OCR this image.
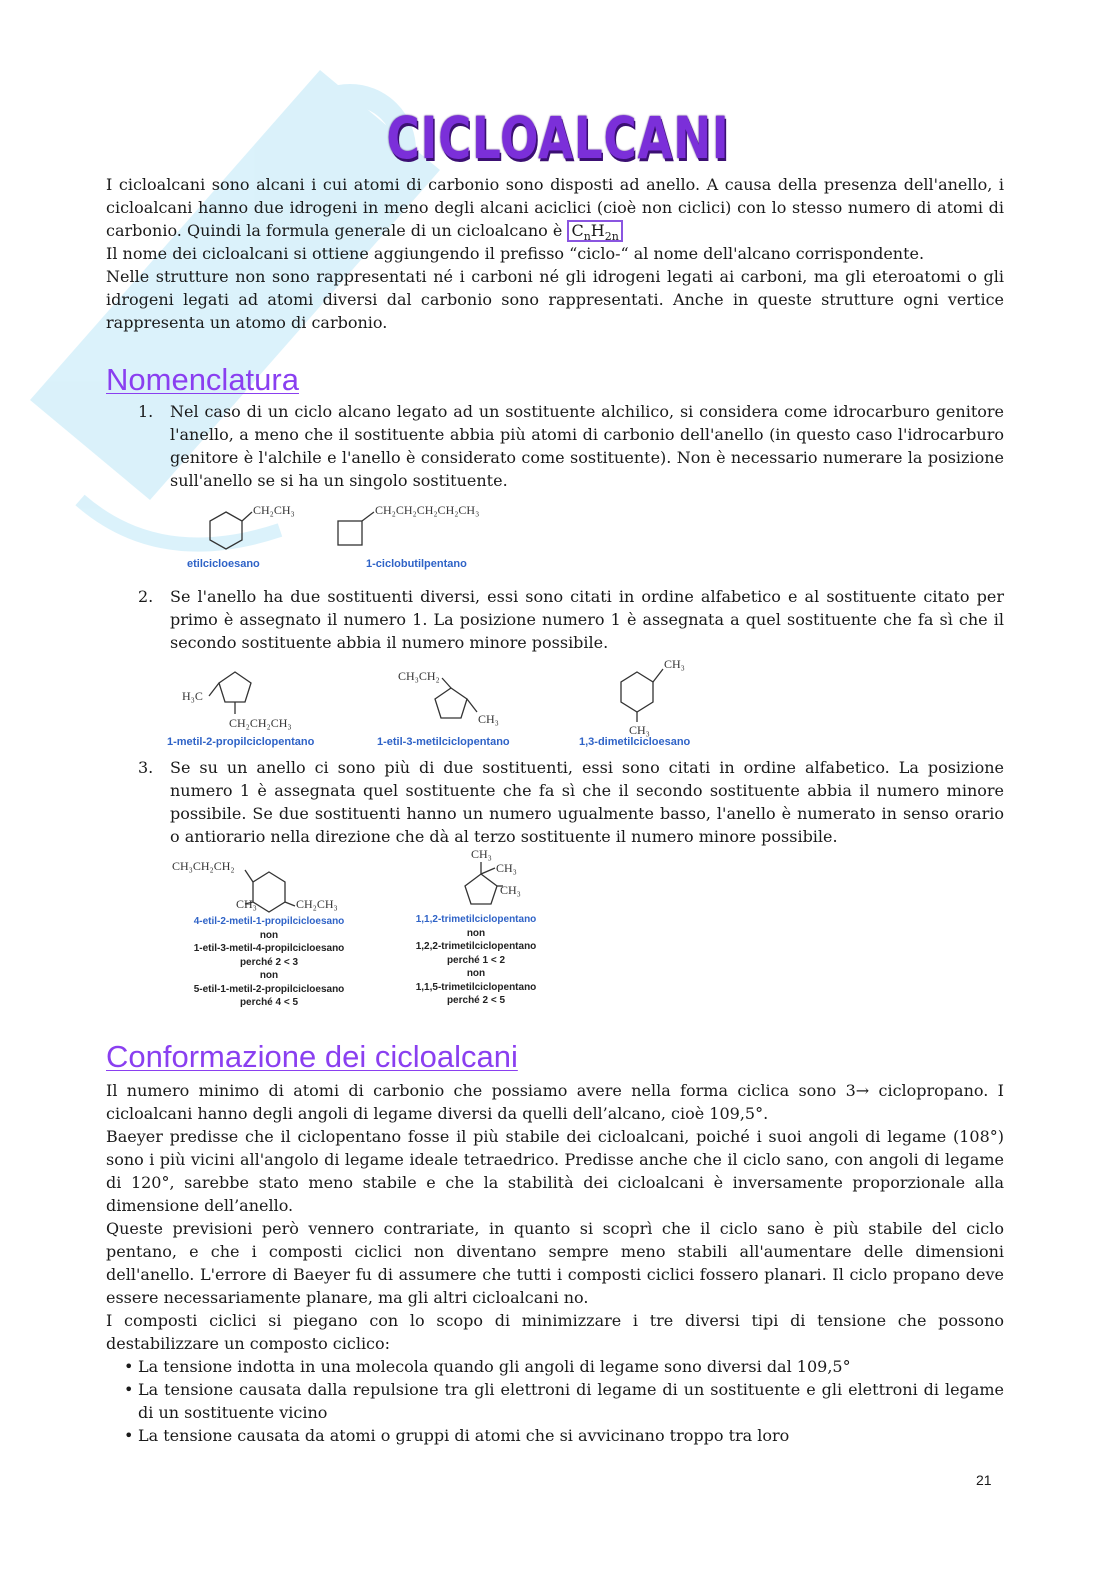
CICLOALCANI

I cicloalcani sono alcani i cui atomi di carbonio sono disposti ad anello. A causa della presenza dell'anello, i cicloalcani hanno due idrogeni in meno degli alcani aciclici (cioè non ciclici) con lo stesso numero di atomi di carbonio. Quindi la formula generale di un cicloalcano è $C_nH_{2n}$

Il nome dei cicloalcani si ottiene aggiungendo il prefisso “ciclo-“ al nome dell'alcano corrispondente.

Nelle strutture non sono rappresentati né i carboni né gli idrogeni legati ai carboni, ma gli eteroatomi o gli idrogeni legati ad atomi diversi dal carbonio sono rappresentati. Anche in queste strutture ogni vertice rappresenta un atomo di carbonio.

Nomenclatura
1. Nel caso di un ciclo alcano legato ad un sostituente alchilico, si considera come idrocarburo genitore l'anello, a meno che il sostituente abbia più atomi di carbonio dell'anello (in questo caso l'idrocarburo genitore è l'alchile e l'anello è considerato come sostituente). Non è necessario numerare la posizione sull'anello se si ha un singolo sostituente.
CH₂CH₃	CH₂CH₂CH₂CH₂CH₃
etilcicloesano	1-ciclobutilpentano
2. Se l'anello ha due sostituenti diversi, essi sono citati in ordine alfabetico e al sostituente citato per primo è assegnato il numero 1. La posizione numero 1 è assegnata a quel sostituente che fa sì che il secondo sostituente abbia il numero minore possibile.
H₃C
CH₂CH₂CH₃
CH₃CH₂
CH₃
CH₃
CH₃
1-metil-2-propilciclopentano	1-etil-3-metilciclopentano	1,3-dimetilcicloesano
3. Se su un anello ci sono più di due sostituenti, essi sono citati in ordine alfabetico. La posizione numero 1 è assegnata quel sostituente che fa sì che il secondo sostituente abbia il numero minore possibile. Se due sostituenti hanno un numero ugualmente basso, l'anello è numerato in senso orario o antiorario nella direzione che dà al terzo sostituente il numero minore possibile.
CH₃CH₂CH₂
CH₃	CH₂CH₃
CH₃
CH₃
CH₃
4-etil-2-metil-1-propilcicloesano
non
1-etil-3-metil-4-propilcicloesano
perché 2 < 3
non
5-etil-1-metil-2-propilcicloesano
perché 4 < 5
1,1,2-trimetilciclopentano
non
1,2,2-trimetilciclopentano
perché 1 < 2
non
1,1,5-trimetilciclopentano
perché 2 < 5
Conformazione dei cicloalcani

Il numero minimo di atomi di carbonio che possiamo avere nella forma ciclica sono 3→ ciclopropano. I cicloalcani hanno degli angoli di legame diversi da quelli dell’alcano, cioè 109,5°.

Baeyer predisse che il ciclopentano fosse il più stabile dei cicloalcani, poiché i suoi angoli di legame (108°) sono i più vicini all'angolo di legame ideale tetraedrico. Predisse anche che il ciclo sano, con angoli di legame di 120°, sarebbe stato meno stabile e che la stabilità dei cicloalcani è inversamente proporzionale alla dimensione dell’anello.

Queste previsioni però vennero contrariate, in quanto si scoprì che il ciclo sano è più stabile del ciclo pentano, e che i composti ciclici non diventano sempre meno stabili all'aumentare delle dimensioni dell'anello. L'errore di Baeyer fu di assumere che tutti i composti ciclici fossero planari. Il ciclo propano deve essere necessariamente planare, ma gli altri cicloalcani no.

I composti ciclici si piegano con lo scopo di minimizzare i tre diversi tipi di tensione che possono destabilizzare un composto ciclico:

• La tensione indotta in una molecola quando gli angoli di legame sono diversi dal 109,5°
• La tensione causata dalla repulsione tra gli elettroni di legame di un sostituente e gli elettroni di legame di un sostituente vicino
• La tensione causata da atomi o gruppi di atomi che si avvicinano troppo tra loro
21
